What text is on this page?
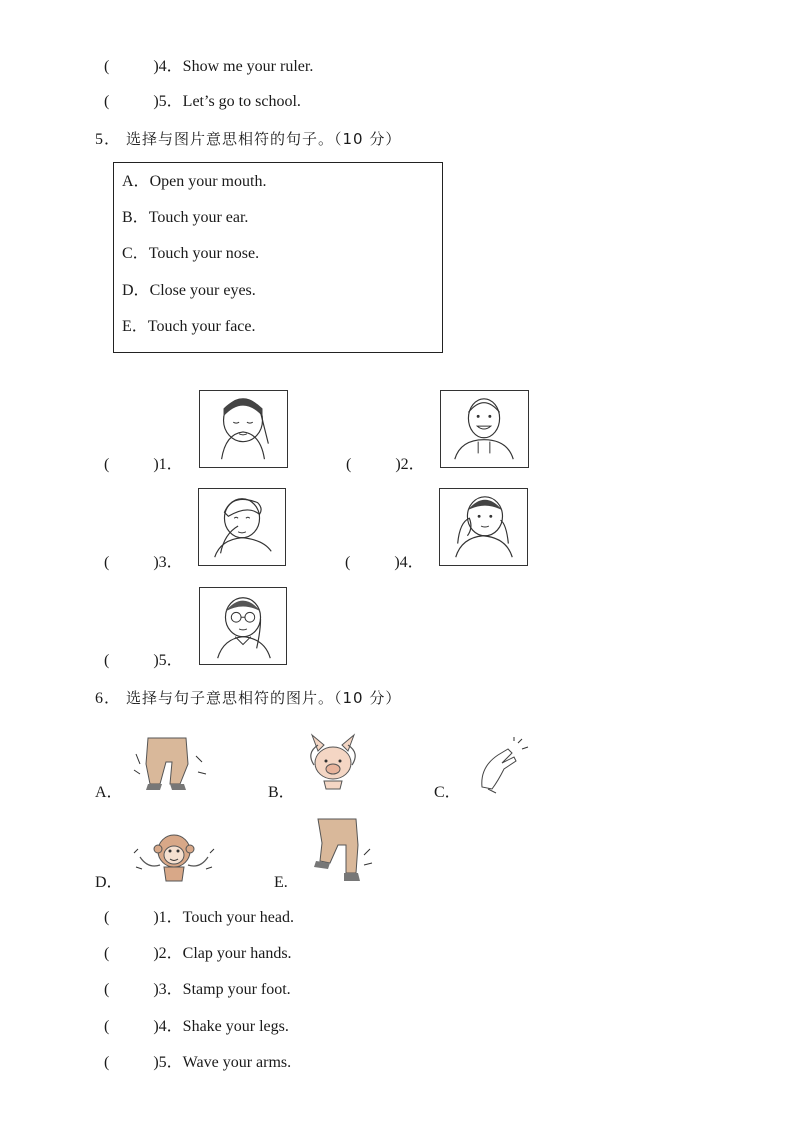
(	)4．Show me your ruler.
(	)5．Let’s go to school.
5． 选择与图片意思相符的句子。（10 分）
A．Open your mouth.
B．Touch your ear.
C．Touch your nose.
D．Close your eyes.
E．Touch your face.
(	)1．	(	)2．
(	)3．	(	)4．
(	)5．
6． 选择与句子意思相符的图片。（10 分）
A．	B．	C．
D．	E.
(	)1．Touch your head.
(	)2．Clap your hands.
(	)3．Stamp your foot.
(	)4．Shake your legs.
(	)5．Wave your arms.
